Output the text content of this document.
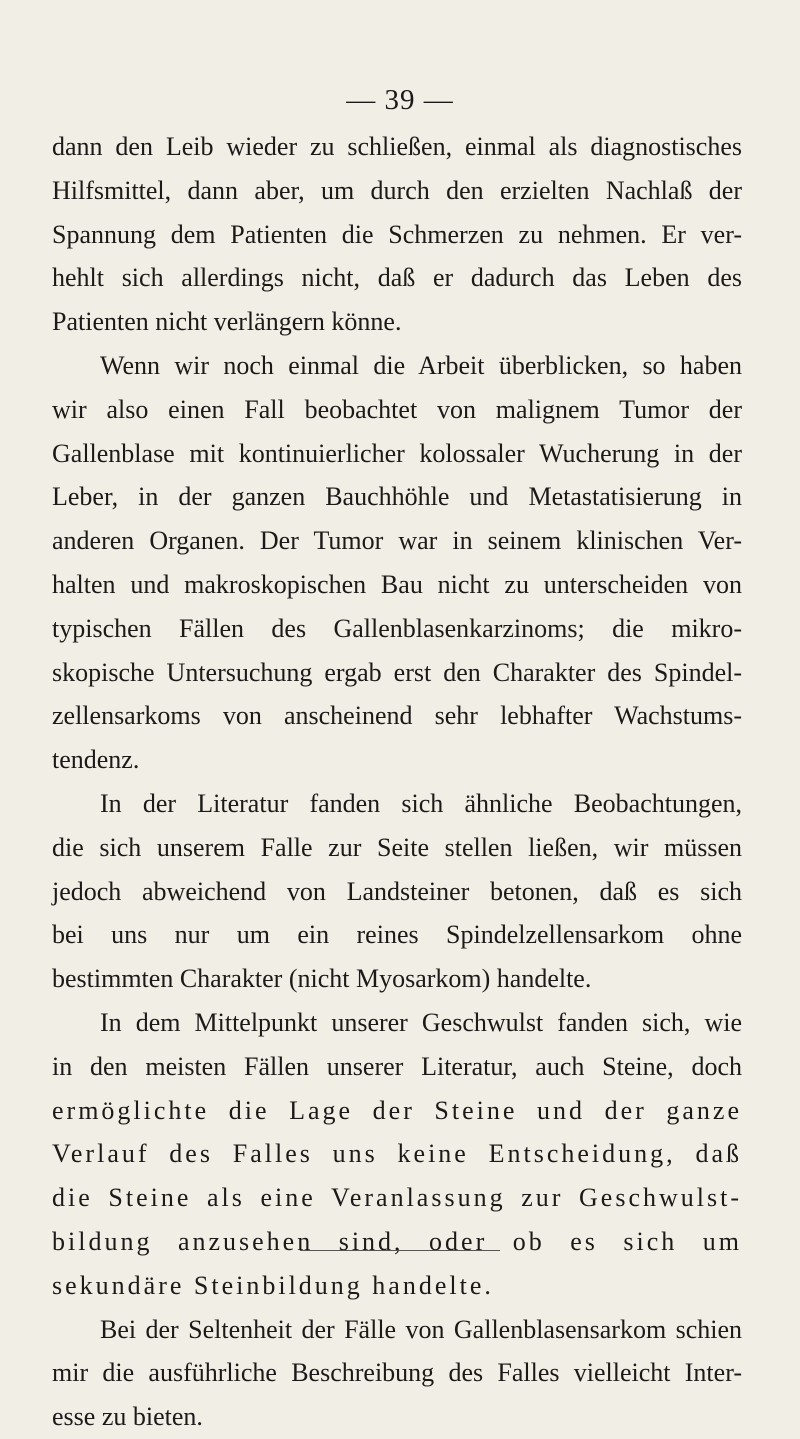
— 39 —
dann den Leib wieder zu schließen, einmal als diagnostisches
Hilfsmittel, dann aber, um durch den erzielten Nachlaß der
Spannung dem Patienten die Schmerzen zu nehmen. Er ver-
hehlt sich allerdings nicht, daß er dadurch das Leben des
Patienten nicht verlängern könne.
Wenn wir noch einmal die Arbeit überblicken, so haben
wir also einen Fall beobachtet von malignem Tumor der
Gallenblase mit kontinuierlicher kolossaler Wucherung in der
Leber, in der ganzen Bauchhöhle und Metastatisierung in
anderen Organen. Der Tumor war in seinem klinischen Ver-
halten und makroskopischen Bau nicht zu unterscheiden von
typischen Fällen des Gallenblasenkarzinoms; die mikro-
skopische Untersuchung ergab erst den Charakter des Spindel-
zellensarkoms von anscheinend sehr lebhafter Wachstums-
tendenz.
In der Literatur fanden sich ähnliche Beobachtungen,
die sich unserem Falle zur Seite stellen ließen, wir müssen
jedoch abweichend von Landsteiner betonen, daß es sich
bei uns nur um ein reines Spindelzellensarkom ohne
bestimmten Charakter (nicht Myosarkom) handelte.
In dem Mittelpunkt unserer Geschwulst fanden sich, wie
in den meisten Fällen unserer Literatur, auch Steine, doch
ermöglichte die Lage der Steine und der ganze
Verlauf des Falles uns keine Entscheidung, daß
die Steine als eine Veranlassung zur Geschwulst-
bildung anzusehen sind, oder ob es sich um
sekundäre Steinbildung handelte.
Bei der Seltenheit der Fälle von Gallenblasensarkom schien
mir die ausführliche Beschreibung des Falles vielleicht Inter-
esse zu bieten.
